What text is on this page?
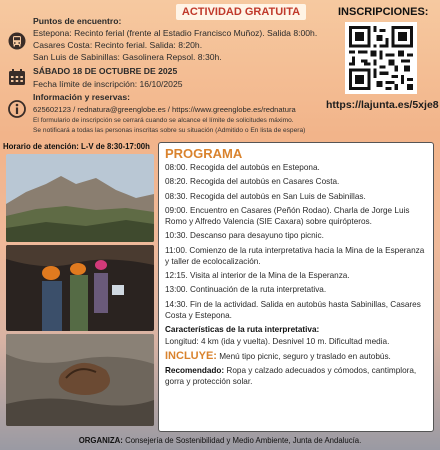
ACTIVIDAD GRATUITA	INSCRIPCIONES:
https://lajunta.es/5xje8
Puntos de encuentro:
Estepona: Recinto ferial (frente al Estadio Francisco Muñoz). Salida 8:00h.
Casares Costa: Recinto ferial. Salida: 8:20h.
San Luis de Sabinillas: Gasolinera Repsol. 8:30h.
SÁBADO 18 DE OCTUBRE DE 2025
Fecha límite de inscripción: 16/10/2025
Información y reservas:
625602123 / rednatura@greenglobe.es / https://www.greenglobe.es/rednatura
El formulario de inscripción se cerrará cuando se alcance el límite de solicitudes máximo.
Se notificará a todas las personas inscritas sobre su situación (Admitido o En lista de espera)
Horario de atención: L-V de 8:30-17:00h PROGRAMA
08:00. Recogida del autobús en Estepona.
08:20. Recogida del autobús en Casares Costa.
08:30. Recogida del autobús en San Luis de Sabinillas.
09:00. Encuentro en Casares (Peñón Rodao). Charla de Jorge Luis Romo y Alfredo Valencia (SIE Caxara) sobre quirópteros.
10:30. Descanso para desayuno tipo picnic.
11:00. Comienzo de la ruta interpretativa hacia la Mina de la Esperanza y taller de ecolocalización.
12:15. Visita al interior de la Mina de la Esperanza.
13:00. Continuación de la ruta interpretativa.
14:30. Fin de la actividad. Salida en autobús hasta Sabinillas, Casares Costa y Estepona.
Características de la ruta interpretativa:
Longitud: 4 km (ida y vuelta). Desnivel 10 m. Dificultad media.
INCLUYE: Menú tipo picnic, seguro y traslado en autobús.
Recomendado: Ropa y calzado adecuados y cómodos, cantimplora, gorra y protección solar.
ORGANIZA: Consejería de Sostenibilidad y Medio Ambiente, Junta de Andalucía.
